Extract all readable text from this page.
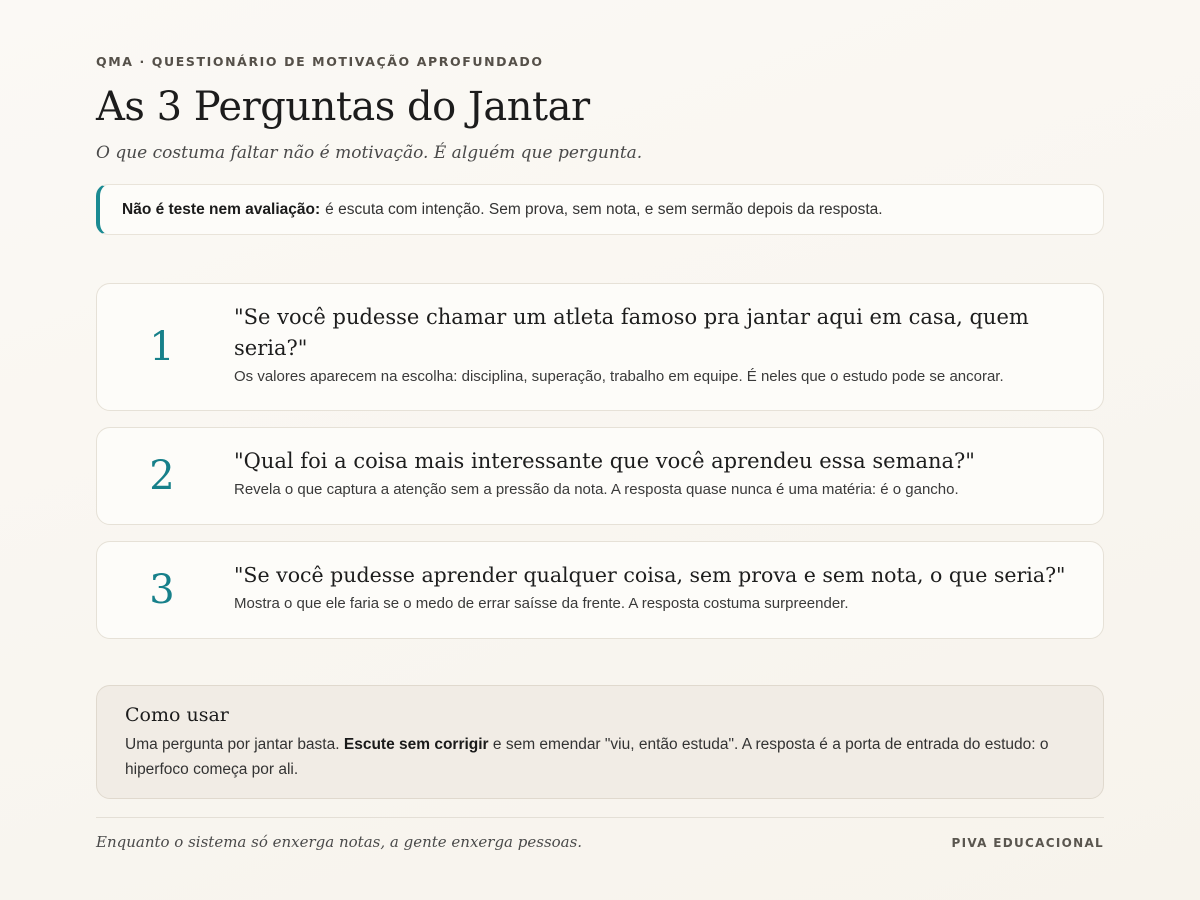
QMA · QUESTIONÁRIO DE MOTIVAÇÃO APROFUNDADO
As 3 Perguntas do Jantar
O que costuma faltar não é motivação. É alguém que pergunta.
Não é teste nem avaliação: é escuta com intenção. Sem prova, sem nota, e sem sermão depois da resposta.
1
"Se você pudesse chamar um atleta famoso pra jantar aqui em casa, quem seria?"
Os valores aparecem na escolha: disciplina, superação, trabalho em equipe. É neles que o estudo pode se ancorar.
2	"Qual foi a coisa mais interessante que você aprendeu essa semana?"
Revela o que captura a atenção sem a pressão da nota. A resposta quase nunca é uma matéria: é o gancho.
3	"Se você pudesse aprender qualquer coisa, sem prova e sem nota, o que seria?"
Mostra o que ele faria se o medo de errar saísse da frente. A resposta costuma surpreender.
Como usar

Uma pergunta por jantar basta. Escute sem corrigir e sem emendar "viu, então estuda". A resposta é a porta de entrada do estudo: o hiperfoco começa por ali.

Enquanto o sistema só enxerga notas, a gente enxerga pessoas.	PIVA EDUCACIONAL
